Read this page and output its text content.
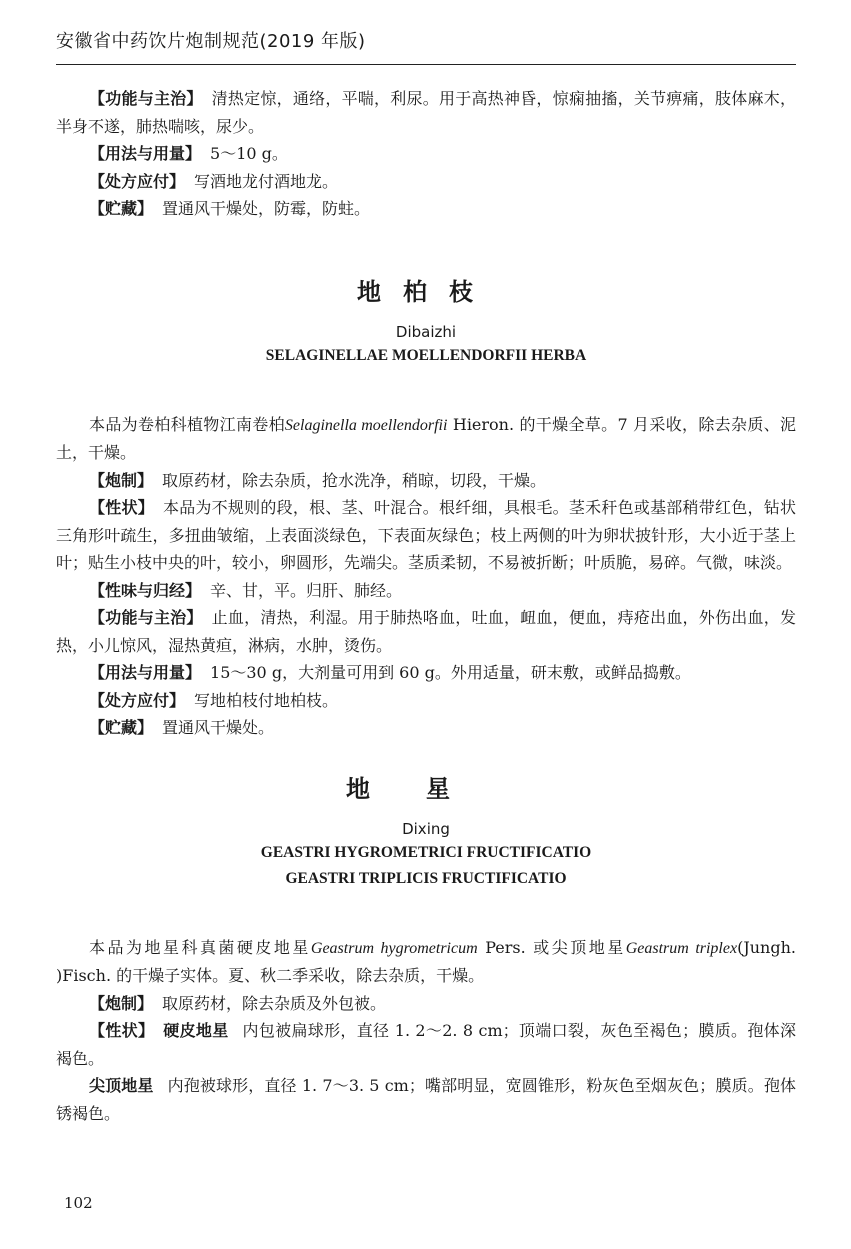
安徽省中药饮片炮制规范(2019 年版)

【功能与主治】 清热定惊，通络，平喘，利尿。用于高热神昏，惊痫抽搐，关节痹痛，肢体麻木，半身不遂，肺热喘咳，尿少。

【用法与用量】 5～10 g。

【处方应付】 写酒地龙付酒地龙。

【贮藏】 置通风干燥处，防霉，防蛀。

地柏枝

Dibaizhi

SELAGINELLAE MOELLENDORFII HERBA

本品为卷柏科植物江南卷柏Selaginella moellendorfii Hieron. 的干燥全草。7 月采收，除去杂质、泥土，干燥。

【炮制】 取原药材，除去杂质，抢水洗净，稍晾，切段，干燥。

【性状】 本品为不规则的段，根、茎、叶混合。根纤细，具根毛。茎禾秆色或基部稍带红色，钻状三角形叶疏生，多扭曲皱缩，上表面淡绿色，下表面灰绿色；枝上两侧的叶为卵状披针形，大小近于茎上叶；贴生小枝中央的叶，较小，卵圆形，先端尖。茎质柔韧，不易被折断；叶质脆，易碎。气微，味淡。

【性味与归经】 辛、甘，平。归肝、肺经。

【功能与主治】 止血，清热，利湿。用于肺热咯血，吐血，衄血，便血，痔疮出血，外伤出血，发热，小儿惊风，湿热黄疸，淋病，水肿，烫伤。

【用法与用量】 15～30 g，大剂量可用到 60 g。外用适量，研末敷，或鲜品捣敷。

【处方应付】 写地柏枝付地柏枝。

【贮藏】 置通风干燥处。

地星

Dixing

GEASTRI HYGROMETRICI FRUCTIFICATIO

GEASTRI TRIPLICIS FRUCTIFICATIO

本品为地星科真菌硬皮地星Geastrum hygrometricum Pers. 或尖顶地星Geastrum triplex(Jungh. )Fisch. 的干燥子实体。夏、秋二季采收，除去杂质，干燥。

【炮制】 取原药材，除去杂质及外包被。

【性状】 硬皮地星 内包被扁球形，直径 1. 2～2. 8 cm；顶端口裂，灰色至褐色；膜质。孢体深褐色。

尖顶地星 内孢被球形，直径 1. 7～3. 5 cm；嘴部明显，宽圆锥形，粉灰色至烟灰色；膜质。孢体锈褐色。

102
